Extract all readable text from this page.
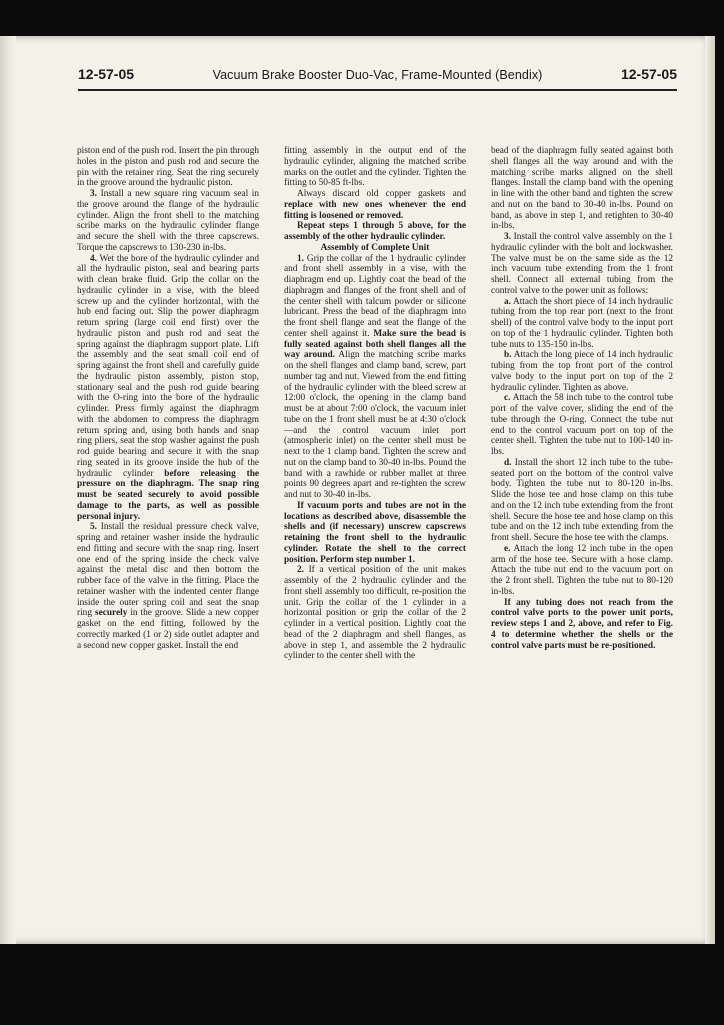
12-57-05	Vacuum Brake Booster Duo-Vac, Frame-Mounted (Bendix)	12-57-05

piston end of the push rod. Insert the pin through holes in the piston and push rod and secure the pin with the retainer ring. Seat the ring securely in the groove around the hydraulic piston.

3. Install a new square ring vacuum seal in the groove around the flange of the hydraulic cylinder. Align the front shell to the matching scribe marks on the hydraulic cylinder flange and secure the shell with the three capscrews. Torque the capscrews to 130-230 in-lbs.

4. Wet the bore of the hydraulic cylinder and all the hydraulic piston, seal and bearing parts with clean brake fluid. Grip the collar on the hydraulic cylinder in a vise, with the bleed screw up and the cylinder horizontal, with the hub end facing out. Slip the power diaphragm return spring (large coil end first) over the hydraulic piston and push rod and seat the spring against the diaphragm support plate. Lift the assembly and the seat small coil end of spring against the front shell and carefully guide the hydraulic piston assembly, piston stop, stationary seal and the push rod guide bearing with the O-ring into the bore of the hydraulic cylinder. Press firmly against the diaphragm with the abdomen to compress the diaphragm return spring and, using both hands and snap ring pliers, seat the stop washer against the push rod guide bearing and secure it with the snap ring seated in its groove inside the hub of the hydraulic cylinder before releasing the pressure on the diaphragm. The snap ring must be seated securely to avoid possible damage to the parts, as well as possible personal injury.

5. Install the residual pressure check valve, spring and retainer washer inside the hydraulic end fitting and secure with the snap ring. Insert one end of the spring inside the check valve against the metal disc and then bottom the rubber face of the valve in the fitting. Place the retainer washer with the indented center flange inside the outer spring coil and seat the snap ring securely in the groove. Slide a new copper gasket on the end fitting, followed by the correctly marked (1 or 2) side outlet adapter and a second new copper gasket. Install the end

fitting assembly in the output end of the hydraulic cylinder, aligning the matched scribe marks on the outlet and the cylinder. Tighten the fitting to 50-85 ft-lbs.

Always discard old copper gaskets and replace with new ones whenever the end fitting is loosened or removed.

Repeat steps 1 through 5 above, for the assembly of the other hydraulic cylinder.

Assembly of Complete Unit

1. Grip the collar of the 1 hydraulic cylinder and front shell assembly in a vise, with the diaphragm end up. Lightly coat the bead of the diaphragm and flanges of the front shell and of the center shell with talcum powder or silicone lubricant. Press the bead of the diaphragm into the front shell flange and seat the flange of the center shell against it. Make sure the bead is fully seated against both shell flanges all the way around. Align the matching scribe marks on the shell flanges and clamp band, screw, part number tag and nut. Viewed from the end fitting of the hydraulic cylinder with the bleed screw at 12:00 o'clock, the opening in the clamp band must be at about 7:00 o'clock, the vacuum inlet tube on the 1 front shell must be at 4:30 o'clock—and the control vacuum inlet port (atmospheric inlet) on the center shell must be next to the 1 clamp band. Tighten the screw and nut on the clamp band to 30-40 in-lbs. Pound the band with a rawhide or rubber mallet at three points 90 degrees apart and re-tighten the screw and nut to 30-40 in-lbs.

If vacuum ports and tubes are not in the locations as described above, disassemble the shells and (if necessary) unscrew capscrews retaining the front shell to the hydraulic cylinder. Rotate the shell to the correct position. Perform step number 1.

2. If a vertical position of the unit makes assembly of the 2 hydraulic cylinder and the front shell assembly too difficult, re-position the unit. Grip the collar of the 1 cylinder in a horizontal position or grip the collar of the 2 cylinder in a vertical position. Lightly coat the bead of the 2 diaphragm and shell flanges, as above in step 1, and assemble the 2 hydraulic cylinder to the center shell with the

bead of the diaphragm fully seated against both shell flanges all the way around and with the matching scribe marks aligned on the shell flanges. Install the clamp band with the opening in line with the other band and tighten the screw and nut on the band to 30-40 in-lbs. Pound on band, as above in step 1, and retighten to 30-40 in-lbs.

3. Install the control valve assembly on the 1 hydraulic cylinder with the bolt and lockwasher. The valve must be on the same side as the 12 inch vacuum tube extending from the 1 front shell. Connect all external tubing from the control valve to the power unit as follows:

a. Attach the short piece of 14 inch hydraulic tubing from the top rear port (next to the front shell) of the control valve body to the input port on top of the 1 hydraulic cylinder. Tighten both tube nuts to 135-150 in-lbs.

b. Attach the long piece of 14 inch hydraulic tubing from the top front port of the control valve body to the input port on top of the 2 hydraulic cylinder. Tighten as above.

c. Attach the 58 inch tube to the control tube port of the valve cover, sliding the end of the tube through the O-ring. Connect the tube nut end to the control vacuum port on top of the center shell. Tighten the tube nut to 100-140 in-lbs.

d. Install the short 12 inch tube to the tube-seated port on the bottom of the control valve body. Tighten the tube nut to 80-120 in-lbs. Slide the hose tee and hose clamp on this tube and on the 12 inch tube extending from the front shell. Secure the hose tee and hose clamp on this tube and on the 12 inch tube extending from the front shell. Secure the hose tee with the clamps.

e. Attach the long 12 inch tube in the open arm of the hose tee. Secure with a hose clamp. Attach the tube nut end to the vacuum port on the 2 front shell. Tighten the tube nut to 80-120 in-lbs.

If any tubing does not reach from the control valve ports to the power unit ports, review steps 1 and 2, above, and refer to Fig. 4 to determine whether the shells or the control valve parts must be re-positioned.
